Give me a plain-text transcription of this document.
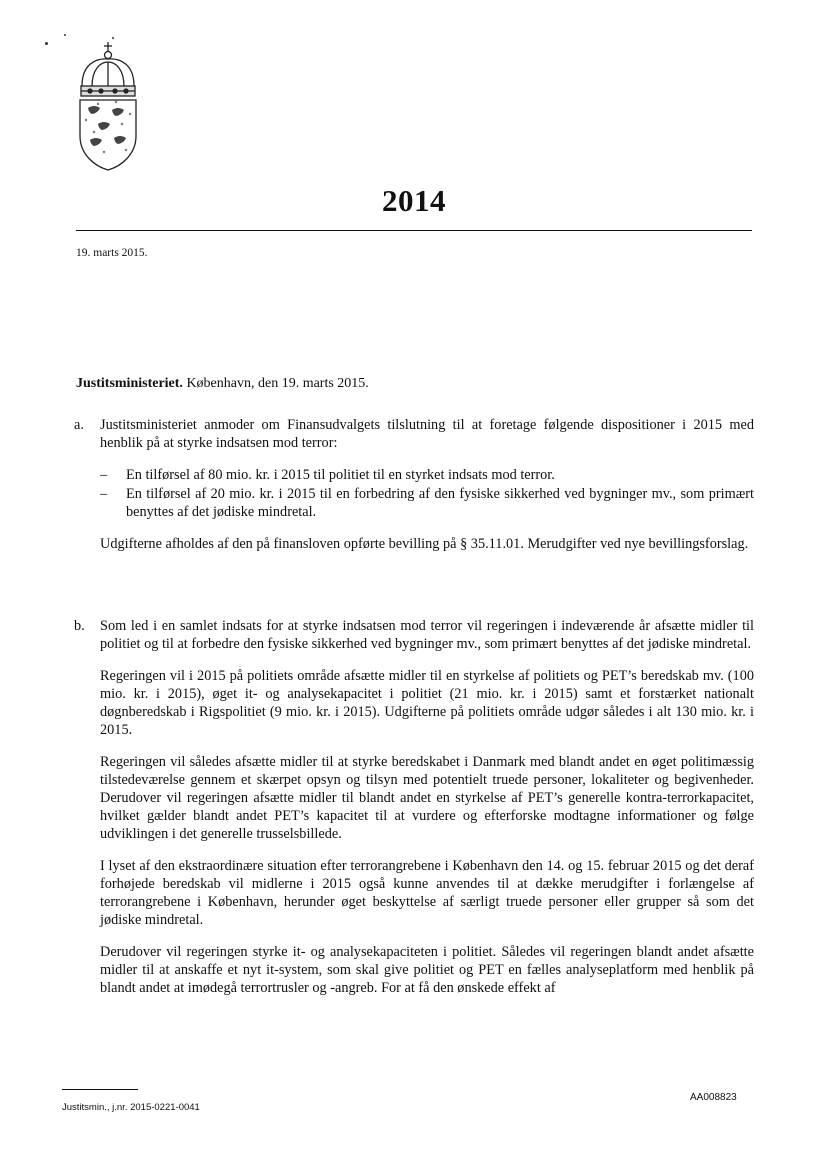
2014
19. marts 2015.
Justitsministeriet. København, den 19. marts 2015.
a. Justitsministeriet anmoder om Finansudvalgets tilslutning til at foretage følgende dispositioner i 2015 med henblik på at styrke indsatsen mod terror:

– En tilførsel af 80 mio. kr. i 2015 til politiet til en styrket indsats mod terror.
– En tilførsel af 20 mio. kr. i 2015 til en forbedring af den fysiske sikkerhed ved bygninger mv., som primært benyttes af det jødiske mindretal.

Udgifterne afholdes af den på finansloven opførte bevilling på § 35.11.01. Merudgifter ved nye bevillingsforslag.

b. Som led i en samlet indsats for at styrke indsatsen mod terror vil regeringen i indeværende år afsætte midler til politiet og til at forbedre den fysiske sikkerhed ved bygninger mv., som primært benyttes af det jødiske mindretal.

Regeringen vil i 2015 på politiets område afsætte midler til en styrkelse af politiets og PET’s beredskab mv. (100 mio. kr. i 2015), øget it- og analysekapacitet i politiet (21 mio. kr. i 2015) samt et forstærket nationalt døgnberedskab i Rigspolitiet (9 mio. kr. i 2015). Udgifterne på politiets område udgør således i alt 130 mio. kr. i 2015.

Regeringen vil således afsætte midler til at styrke beredskabet i Danmark med blandt andet en øget politimæssig tilstedeværelse gennem et skærpet opsyn og tilsyn med potentielt truede personer, lokaliteter og begivenheder. Derudover vil regeringen afsætte midler til blandt andet en styrkelse af PET’s generelle kontra-terrorkapacitet, hvilket gælder blandt andet PET’s kapacitet til at vurdere og efterforske modtagne informationer og følge udviklingen i det generelle trusselsbillede.

I lyset af den ekstraordinære situation efter terrorangrebene i København den 14. og 15. februar 2015 og det deraf forhøjede beredskab vil midlerne i 2015 også kunne anvendes til at dække merudgifter i forlængelse af terrorangrebene i København, herunder øget beskyttelse af særligt truede personer eller grupper så som det jødiske mindretal.

Derudover vil regeringen styrke it- og analysekapaciteten i politiet. Således vil regeringen blandt andet afsætte midler til at anskaffe et nyt it-system, som skal give politiet og PET en fælles analyseplatform med henblik på blandt andet at imødegå terrortrusler og -angreb. For at få den ønskede effekt af

Justitsmin., j.nr. 2015-0221-0041
AA008823
